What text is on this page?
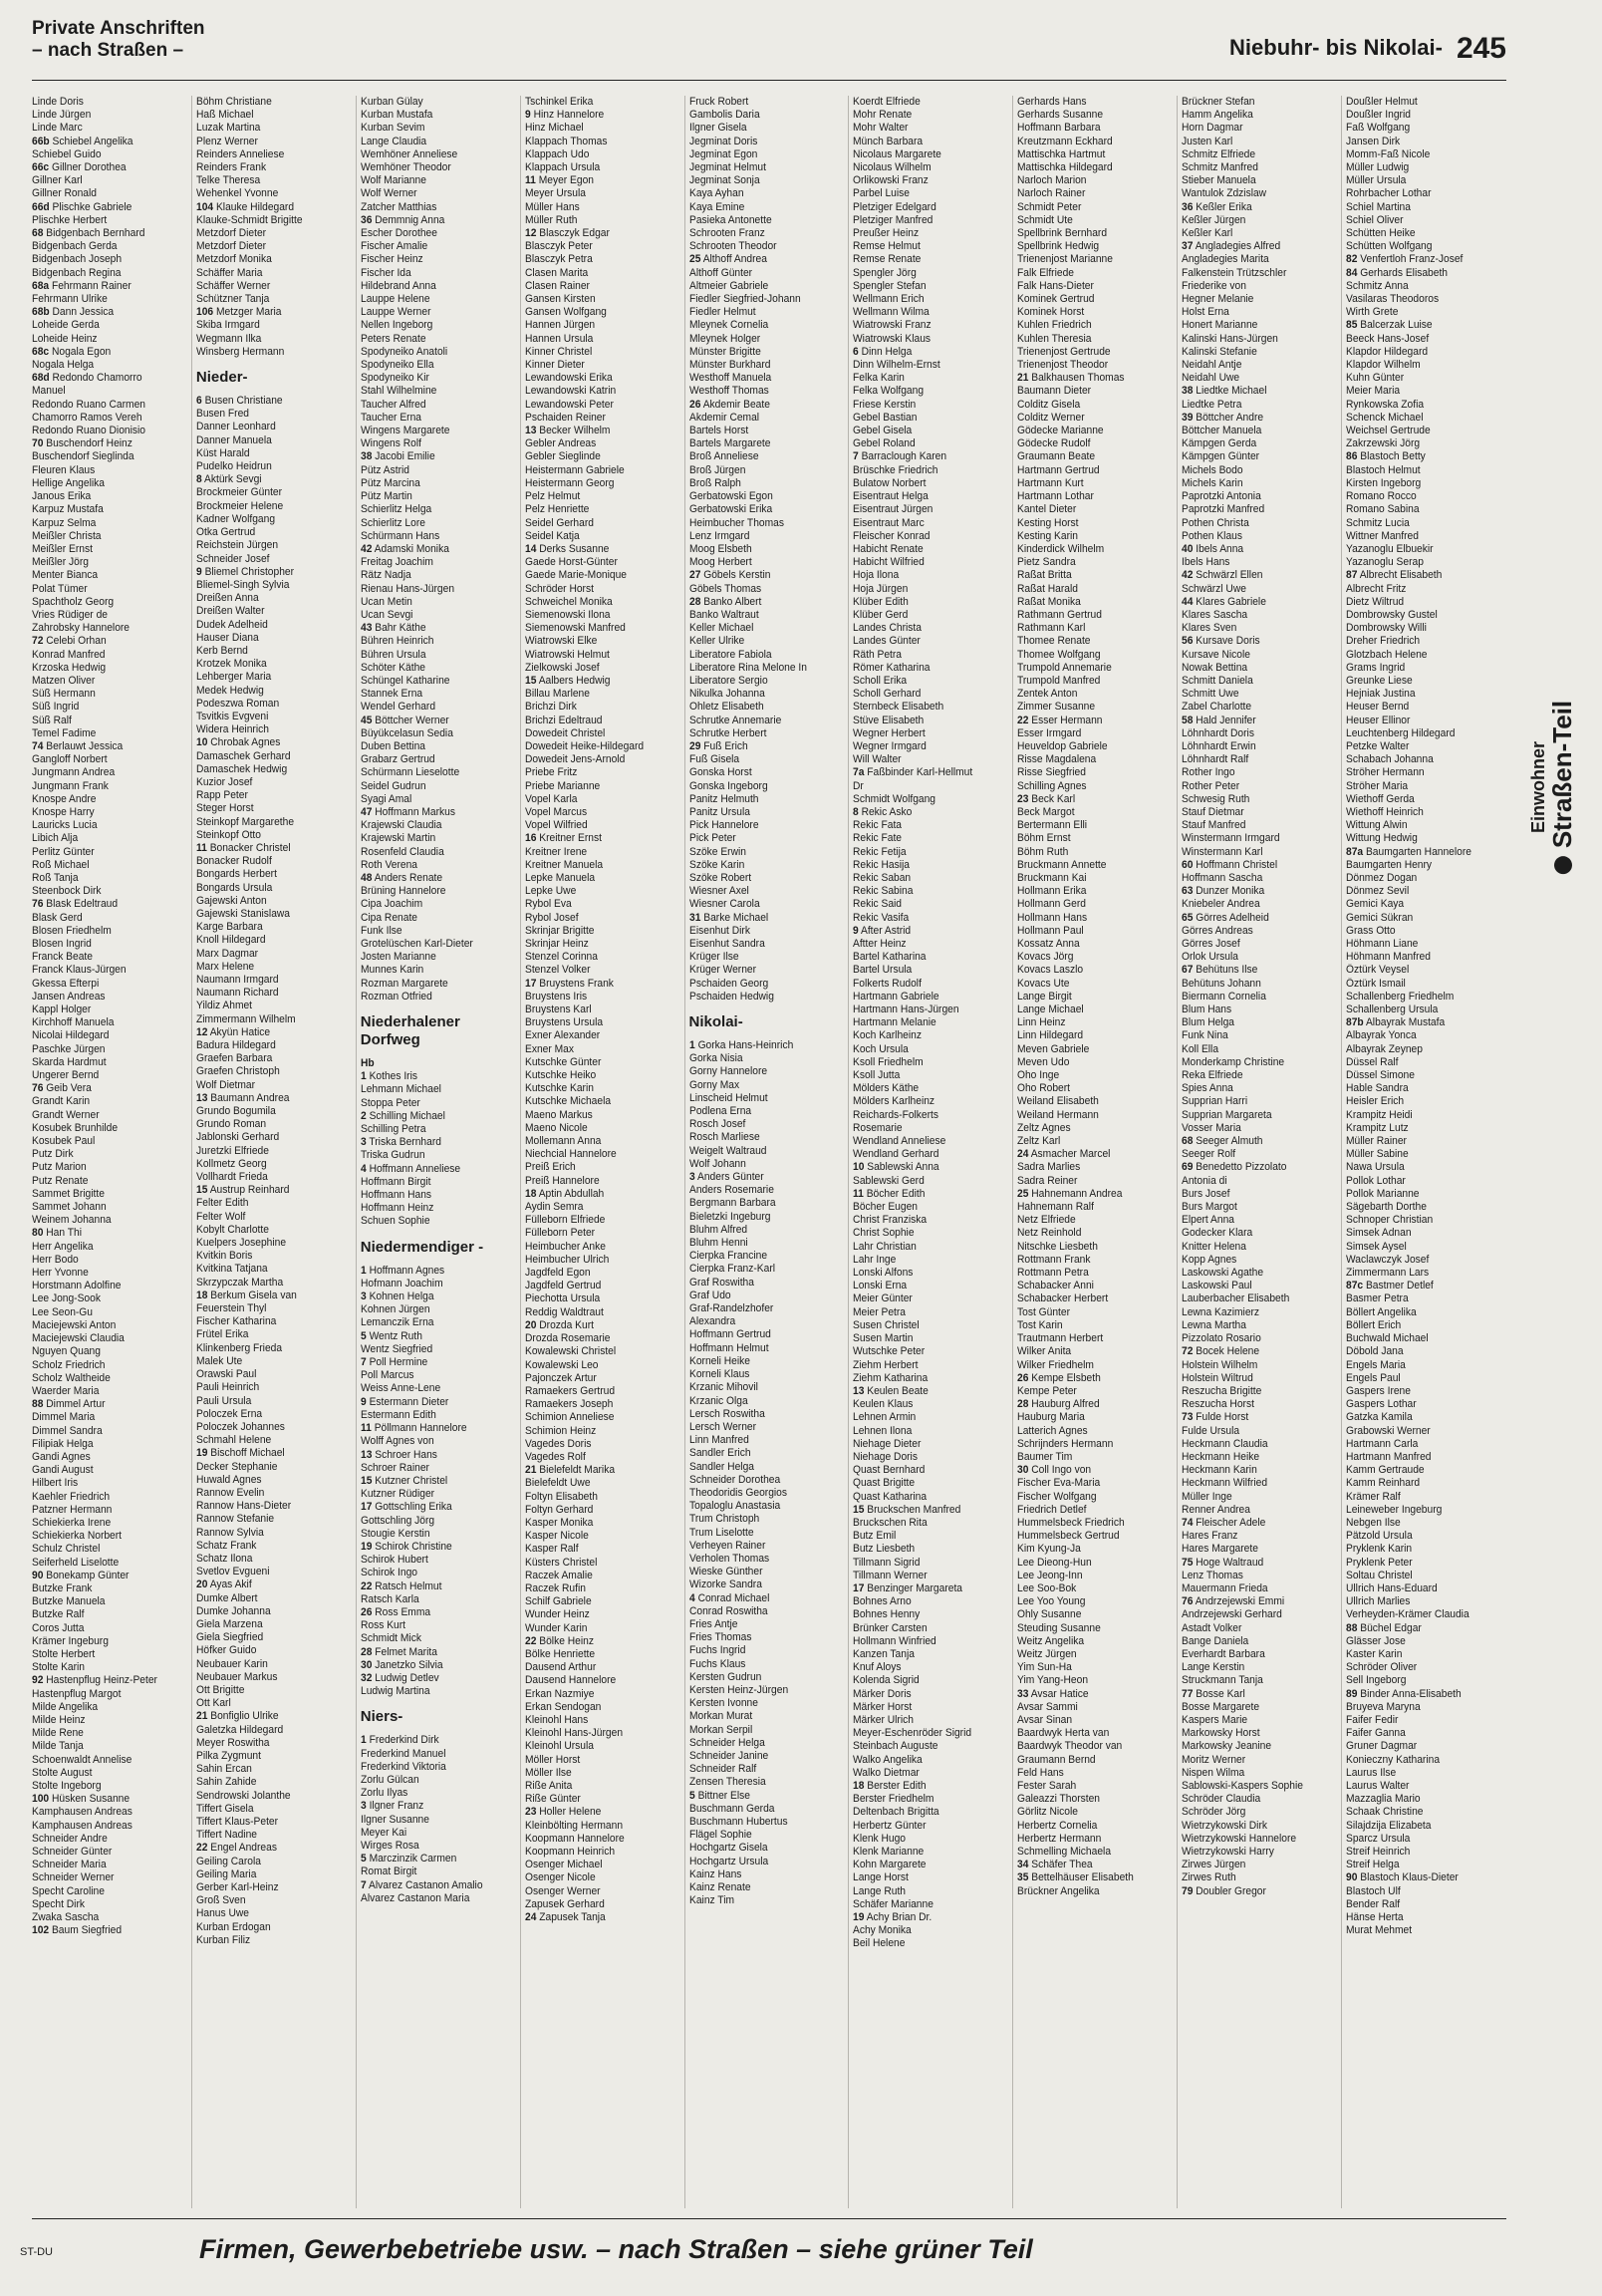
Private Anschriften
– nach Straßen –	Niebuhr- bis Nikolai- 245
Linde Doris
Linde Jürgen
Linde Marc
66b Schiebel Angelika
Schiebel Guido
66c Gillner Dorothea
Gillner Karl
Gillner Ronald
66d Plischke Gabriele
Plischke Herbert
68 Bidgenbach Bernhard
Bidgenbach Gerda
Bidgenbach Joseph
Bidgenbach Regina
68a Fehrmann Rainer
Fehrmann Ulrike
68b Dann Jessica
Loheide Gerda
Loheide Heinz
68c Nogala Egon
Nogala Helga
68d Redondo Chamorro
Manuel
Redondo Ruano Carmen
Chamorro Ramos Vereh
Redondo Ruano Dionisio
70 Buschendorf Heinz
Buschendorf Sieglinda
Fleuren Klaus
Hellige Angelika
Janous Erika
Karpuz Mustafa
Karpuz Selma
Meißler Christa
Meißler Ernst
Meißler Jörg
Menter Bianca
Polat Tümer
Spachtholz Georg
Vries Rüdiger de
Zahrobsky Hannelore
72 Celebi Orhan
Konrad Manfred
Krzoska Hedwig
Matzen Oliver
Süß Hermann
Süß Ingrid
Süß Ralf
Temel Fadime
74 Berlauwt Jessica
Gangloff Norbert
Jungmann Andrea
Jungmann Frank
Knospe Andre
Knospe Harry
Lauricks Lucia
Libich Alja
Perlitz Günter
Roß Michael
Roß Tanja
Steenbock Dirk
76 Blask Edeltraud
Blask Gerd
Blosen Friedhelm
Blosen Ingrid
Franck Beate
Franck Klaus-Jürgen
Gkessa Efterpi
Jansen Andreas
Kappl Holger
Kirchhoff Manuela
Nicolai Hildegard
Paschke Jürgen
Skarda Hardmut
Ungerer Bernd
76 Geib Vera
Grandt Karin
Grandt Werner
Kosubek Brunhilde
Kosubek Paul
Putz Dirk
Putz Marion
Putz Renate
Sammet Brigitte
Sammet Johann
Weinem Johanna
80 Han Thi
Herr Angelika
Herr Bodo
Herr Yvonne
Horstmann Adolfine
Lee Jong-Sook
Lee Seon-Gu
Maciejewski Anton
Maciejewski Claudia
Nguyen Quang
Scholz Friedrich
Scholz Waltheide
Waerder Maria
88 Dimmel Artur
Dimmel Maria
Dimmel Sandra
Filipiak Helga
Gandi Agnes
Gandi August
Hilbert Iris
Kaehler Friedrich
Patzner Hermann
Schiekierka Irene
Schiekierka Norbert
Schulz Christel
Seiferheld Liselotte
90 Bonekamp Günter
Butzke Frank
Butzke Manuela
Butzke Ralf
Coros Jutta
Krämer Ingeburg
Stolte Herbert
Stolte Karin
92 Hastenpflug Heinz-Peter
Hastenpflug Margot
Milde Angelika
Milde Heinz
Milde Rene
Milde Tanja
Schoenwaldt Annelise
Stolte August
Stolte Ingeborg
100 Hüsken Susanne
Kamphausen Andreas
Kamphausen Andreas
Schneider Andre
Schneider Günter
Schneider Maria
Schneider Werner
Specht Caroline
Specht Dirk
Zwaka Sascha
102 Baum Siegfried
Böhm Christiane
Haß Michael
Luzak Martina
Plenz Werner
Reinders Anneliese
Reinders Frank
Telke Theresa
Wehenkel Yvonne
104 Klauke Hildegard
Klauke-Schmidt Brigitte
Metzdorf Dieter
Metzdorf Dieter
Metzdorf Monika
Schäffer Maria
Schäffer Werner
Schützner Tanja
106 Metzger Maria
Skiba Irmgard
Wegmann Ilka
Winsberg Hermann
Nieder-
6 Busen Christiane
Busen Fred
Danner Leonhard
Danner Manuela
Küst Harald
Pudelko Heidrun
8 Aktürk Sevgi
Brockmeier Günter
Brockmeier Helene
Kadner Wolfgang
Otka Gertrud
Reichstein Jürgen
Schneider Josef
9 Bliemel Christopher
Bliemel-Singh Sylvia
Dreißen Anna
Dreißen Walter
Dudek Adelheid
Hauser Diana
Kerb Bernd
Krotzek Monika
Lehberger Maria
Medek Hedwig
Podeszwa Roman
Tsvitkis Evgveni
Widera Heinrich
10 Chrobak Agnes
Damaschek Gerhard
Damaschek Hedwig
Kuzior Josef
Rapp Peter
Steger Horst
Steinkopf Margarethe
Steinkopf Otto
11 Bonacker Christel
Bonacker Rudolf
Bongards Herbert
Bongards Ursula
Gajewski Anton
Gajewski Stanislawa
Karge Barbara
Knoll Hildegard
Marx Dagmar
Marx Helene
Naumann Irmgard
Naumann Richard
Yildiz Ahmet
Zimmermann Wilhelm
12 Akyün Hatice
Badura Hildegard
Graefen Barbara
Graefen Christoph
Wolf Dietmar
13 Baumann Andrea
Grundo Bogumila
Grundo Roman
Jablonski Gerhard
Juretzki Elfriede
Kollmetz Georg
Vollhardt Frieda
15 Austrup Reinhard
Felter Edith
Felter Wolf
Kobylt Charlotte
Kuelpers Josephine
Kvitkin Boris
Kvitkina Tatjana
Skrzypczak Martha
18 Berkum Gisela van
Feuerstein Thyl
Fischer Katharina
Frütel Erika
Klinkenberg Frieda
Malek Ute
Orawski Paul
Pauli Heinrich
Pauli Ursula
Poloczek Erna
Poloczek Johannes
Schmahl Helene
19 Bischoff Michael
Decker Stephanie
Huwald Agnes
Rannow Evelin
Rannow Hans-Dieter
Rannow Stefanie
Rannow Sylvia
Schatz Frank
Schatz Ilona
Svetlov Evgueni
20 Ayas Akif
Dumke Albert
Dumke Johanna
Giela Marzena
Giela Siegfried
Höfker Guido
Neubauer Karin
Neubauer Markus
Ott Brigitte
Ott Karl
21 Bonfiglio Ulrike
Galetzka Hildegard
Meyer Roswitha
Pilka Zygmunt
Sahin Ercan
Sahin Zahide
Sendrowski Jolanthe
Tiffert Gisela
Tiffert Klaus-Peter
Tiffert Nadine
22 Engel Andreas
Geiling Carola
Geiling Maria
Gerber Karl-Heinz
Groß Sven
Hanus Uwe
Kurban Erdogan
Kurban Filiz
Kurban Gülay
Kurban Mustafa
Kurban Sevim
Lange Claudia
Wemhöner Anneliese
Wemhöner Theodor
Wolf Marianne
Wolf Werner
Zatcher Matthias
36 Demmnig Anna
Escher Dorothee
Fischer Amalie
Fischer Heinz
Fischer Ida
Hildebrand Anna
Lauppe Helene
Lauppe Werner
Nellen Ingeborg
Peters Renate
Spodyneiko Anatoli
Spodyneiko Ella
Spodyneiko Kir
Stahl Wilhelmine
Taucher Alfred
Taucher Erna
Wingens Margarete
Wingens Rolf
38 Jacobi Emilie
Pütz Astrid
Pütz Marcina
Pütz Martin
Schierlitz Helga
Schierlitz Lore
Schürmann Hans
42 Adamski Monika
Freitag Joachim
Rätz Nadja
Rienau Hans-Jürgen
Ucan Metin
Ucan Sevgi
43 Bahr Käthe
Bühren Heinrich
Bühren Ursula
Schöter Käthe
Schüngel Katharine
Stannek Erna
Wendel Gerhard
45 Böttcher Werner
Büyükcelasun Sedia
Duben Bettina
Grabarz Gertrud
Schürmann Lieselotte
Seidel Gudrun
Syagi Amal
47 Hoffmann Markus
Krajewski Claudia
Krajewski Martin
Rosenfeld Claudia
Roth Verena
48 Anders Renate
Brüning Hannelore
Cipa Joachim
Cipa Renate
Funk Ilse
Grotelüschen Karl-Dieter
Josten Marianne
Munnes Karin
Rozman Margarete
Rozman Otfried
Niederhalener Dorfweg
Hb
1 Kothes Iris
Lehmann Michael
Stoppa Peter
2 Schilling Michael
Schilling Petra
3 Triska Bernhard
Triska Gudrun
4 Hoffmann Anneliese
Hoffmann Birgit
Hoffmann Hans
Hoffmann Heinz
Schuen Sophie
Niedermendiger -
1 Hoffmann Agnes
Hofmann Joachim
3 Kohnen Helga
Kohnen Jürgen
Lemanczik Erna
5 Wentz Ruth
Wentz Siegfried
7 Poll Hermine
Poll Marcus
Weiss Anne-Lene
9 Estermann Dieter
Estermann Edith
11 Pöllmann Hannelore
Wolff Agnes von
13 Schroer Hans
Schroer Rainer
15 Kutzner Christel
Kutzner Rüdiger
17 Gottschling Erika
Gottschling Jörg
Stougie Kerstin
19 Schirok Christine
Schirok Hubert
Schirok Ingo
22 Ratsch Helmut
Ratsch Karla
26 Ross Emma
Ross Kurt
Schmidt Mick
28 Felmet Marita
30 Janetzko Silvia
32 Ludwig Detlev
Ludwig Martina
Niers-
1 Frederkind Dirk
Frederkind Manuel
Frederkind Viktoria
Zorlu Gülcan
Zorlu Ilyas
3 Ilgner Franz
Ilgner Susanne
Meyer Kai
Wirges Rosa
5 Marczinzik Carmen
Romat Birgit
7 Alvarez Castanon Amalio
Alvarez Castanon Maria
Tschinkel Erika
9 Hinz Hannelore
Hinz Michael
Klappach Thomas
Klappach Udo
Klappach Ursula
11 Meyer Egon
Meyer Ursula
Müller Hans
Müller Ruth
12 Blasczyk Edgar
Blasczyk Peter
Blasczyk Petra
Clasen Marita
Clasen Rainer
Gansen Kirsten
Gansen Wolfgang
Hannen Jürgen
Hannen Ursula
Kinner Christel
Kinner Dieter
Lewandowski Erika
Lewandowski Katrin
Lewandowski Peter
Pschaiden Reiner
13 Becker Wilhelm
Gebler Andreas
Gebler Sieglinde
Heistermann Gabriele
Heistermann Georg
Pelz Helmut
Pelz Henriette
Seidel Gerhard
Seidel Katja
14 Derks Susanne
Gaede Horst-Günter
Gaede Marie-Monique
Schröder Horst
Schweichel Monika
Siemenowski Ilona
Siemenowski Manfred
Wiatrowski Elke
Wiatrowski Helmut
Zielkowski Josef
15 Aalbers Hedwig
Billau Marlene
Brichzi Dirk
Brichzi Edeltraud
Dowedeit Christel
Dowedeit Heike-Hildegard
Dowedeit Jens-Arnold
Priebe Fritz
Priebe Marianne
Vopel Karla
Vopel Marcus
Vopel Wilfried
16 Kreitner Ernst
Kreitner Irene
Kreitner Manuela
Lepke Manuela
Lepke Uwe
Rybol Eva
Rybol Josef
Skrinjar Brigitte
Skrinjar Heinz
Stenzel Corinna
Stenzel Volker
17 Bruystens Frank
Bruystens Iris
Bruystens Karl
Bruystens Ursula
Exner Alexander
Exner Max
Kutschke Günter
Kutschke Heiko
Kutschke Karin
Kutschke Michaela
Maeno Markus
Maeno Nicole
Mollemann Anna
Niechcial Hannelore
Preiß Erich
Preiß Hannelore
18 Aptin Abdullah
Aydin Semra
Fülleborn Elfriede
Fülleborn Peter
Heimbucher Anke
Heimbucher Ulrich
Jagdfeld Egon
Jagdfeld Gertrud
Piechotta Ursula
Reddig Waldtraut
20 Drozda Kurt
Drozda Rosemarie
Kowalewski Christel
Kowalewski Leo
Pajonczek Artur
Ramaekers Gertrud
Ramaekers Joseph
Schimion Anneliese
Schimion Heinz
Vagedes Doris
Vagedes Rolf
21 Bielefeldt Marika
Bielefeldt Uwe
Foltyn Elisabeth
Foltyn Gerhard
Kasper Monika
Kasper Nicole
Kasper Ralf
Küsters Christel
Raczek Amalie
Raczek Rufin
Schilf Gabriele
Wunder Heinz
Wunder Karin
22 Bölke Heinz
Bölke Henriette
Dausend Arthur
Dausend Hannelore
Erkan Nazmiye
Erkan Sendogan
Kleinohl Hans
Kleinohl Hans-Jürgen
Kleinohl Ursula
Möller Horst
Möller Ilse
Riße Anita
Riße Günter
23 Holler Helene
Kleinbölting Hermann
Koopmann Hannelore
Koopmann Heinrich
Osenger Michael
Osenger Nicole
Osenger Werner
Zapusek Gerhard
24 Zapusek Tanja
Fruck Robert
Gambolis Daria
Ilgner Gisela
Jegminat Doris
Jegminat Egon
Jegminat Helmut
Jegminat Sonja
Kaya Ayhan
Kaya Emine
Pasieka Antonette
Schrooten Franz
Schrooten Theodor
25 Althoff Andrea
Althoff Günter
Altmeier Gabriele
Fiedler Siegfried-Johann
Fiedler Helmut
Mleynek Cornelia
Mleynek Holger
Münster Brigitte
Münster Burkhard
Westhoff Manuela
Westhoff Thomas
26 Akdemir Beate
Akdemir Cemal
Bartels Horst
Bartels Margarete
Broß Anneliese
Broß Jürgen
Broß Ralph
Gerbatowski Egon
Gerbatowski Erika
Heimbucher Thomas
Lenz Irmgard
Moog Elsbeth
Moog Herbert
27 Göbels Kerstin
Göbels Thomas
28 Banko Albert
Banko Waltraut
Keller Michael
Keller Ulrike
Liberatore Fabiola
Liberatore Rina Melone In
Liberatore Sergio
Nikulka Johanna
Ohletz Elisabeth
Schrutke Annemarie
Schrutke Herbert
29 Fuß Erich
Fuß Gisela
Gonska Horst
Gonska Ingeborg
Panitz Helmuth
Panitz Ursula
Pick Hannelore
Pick Peter
Szöke Erwin
Szöke Karin
Szöke Robert
Wiesner Axel
Wiesner Carola
31 Barke Michael
Eisenhut Dirk
Eisenhut Sandra
Krüger Ilse
Krüger Werner
Pschaiden Georg
Pschaiden Hedwig
Nikolai-
1 Gorka Hans-Heinrich
Gorka Nisia
Gorny Hannelore
Gorny Max
Linscheid Helmut
Podlena Erna
Rosch Josef
Rosch Marliese
Weigelt Waltraud
Wolf Johann
3 Anders Günter
Anders Rosemarie
Bergmann Barbara
Bieletzki Ingeburg
Bluhm Alfred
Bluhm Henni
Cierpka Francine
Cierpka Franz-Karl
Graf Roswitha
Graf Udo
Graf-Randelzhofer
Alexandra
Hoffmann Gertrud
Hoffmann Helmut
Korneli Heike
Korneli Klaus
Krzanic Mihovil
Krzanic Olga
Lersch Roswitha
Lersch Werner
Linn Manfred
Sandler Erich
Sandler Helga
Schneider Dorothea
Theodoridis Georgios
Topaloglu Anastasia
Trum Christoph
Trum Liselotte
Verheyen Rainer
Verholen Thomas
Wieske Günther
Wizorke Sandra
4 Conrad Michael
Conrad Roswitha
Fries Antje
Fries Thomas
Fuchs Ingrid
Fuchs Klaus
Kersten Gudrun
Kersten Heinz-Jürgen
Kersten Ivonne
Morkan Murat
Morkan Serpil
Schneider Helga
Schneider Janine
Schneider Ralf
Zensen Theresia
5 Bittner Else
Buschmann Gerda
Buschmann Hubertus
Flägel Sophie
Hochgartz Gisela
Hochgartz Ursula
Kainz Hans
Kainz Renate
Kainz Tim
Koerdt Elfriede
Mohr Renate
Mohr Walter
Münch Barbara
Nicolaus Margarete
Nicolaus Wilhelm
Orlikowski Franz
Parbel Luise
Pletziger Edelgard
Pletziger Manfred
Preußer Heinz
Remse Helmut
Remse Renate
Spengler Jörg
Spengler Stefan
Wellmann Erich
Wellmann Wilma
Wiatrowski Franz
Wiatrowski Klaus
6 Dinn Helga
Dinn Wilhelm-Ernst
Felka Karin
Felka Wolfgang
Friese Kerstin
Gebel Bastian
Gebel Gisela
Gebel Roland
7 Barraclough Karen
Brüschke Friedrich
Bulatow Norbert
Eisentraut Helga
Eisentraut Jürgen
Eisentraut Marc
Fleischer Konrad
Habicht Renate
Habicht Wilfried
Hoja Ilona
Hoja Jürgen
Klüber Edith
Klüber Gerd
Landes Christa
Landes Günter
Räth Petra
Römer Katharina
Scholl Erika
Scholl Gerhard
Sternbeck Elisabeth
Stüve Elisabeth
Wegner Herbert
Wegner Irmgard
Will Walter
7a Faßbinder Karl-Hellmut
Dr
Schmidt Wolfgang
8 Rekic Asko
Rekic Fata
Rekic Fate
Rekic Fetija
Rekic Hasija
Rekic Saban
Rekic Sabina
Rekic Said
Rekic Vasifa
9 After Astrid
Aftter Heinz
Bartel Katharina
Bartel Ursula
Folkerts Rudolf
Hartmann Gabriele
Hartmann Hans-Jürgen
Hartmann Melanie
Koch Karlheinz
Koch Ursula
Ksoll Friedhelm
Ksoll Jutta
Mölders Käthe
Mölders Karlheinz
Reichards-Folkerts
Rosemarie
Wendland Anneliese
Wendland Gerhard
10 Sablewski Anna
Sablewski Gerd
11 Böcher Edith
Böcher Eugen
Christ Franziska
Christ Sophie
Lahr Christian
Lahr Inge
Lonski Alfons
Lonski Erna
Meier Günter
Meier Petra
Susen Christel
Susen Martin
Wutschke Peter
Ziehm Herbert
Ziehm Katharina
13 Keulen Beate
Keulen Klaus
Lehnen Armin
Lehnen Ilona
Niehage Dieter
Niehage Doris
Quast Bernhard
Quast Brigitte
Quast Katharina
15 Bruckschen Manfred
Bruckschen Rita
Butz Emil
Butz Liesbeth
Tillmann Sigrid
Tillmann Werner
17 Benzinger Margareta
Bohnes Arno
Bohnes Henny
Brünker Carsten
Hollmann Winfried
Kanzen Tanja
Knuf Aloys
Kolenda Sigrid
Märker Doris
Märker Horst
Märker Ulrich
Meyer-Eschenröder Sigrid
Steinbach Auguste
Walko Angelika
Walko Dietmar
18 Berster Edith
Berster Friedhelm
Deltenbach Brigitta
Herbertz Günter
Klenk Hugo
Klenk Marianne
Kohn Margarete
Lange Horst
Lange Ruth
Schäfer Marianne
19 Achy Brian Dr.
Achy Monika
Beil Helene
Gerhards Hans
Gerhards Susanne
Hoffmann Barbara
Kreutzmann Eckhard
Mattischka Hartmut
Mattischka Hildegard
Narloch Marion
Narloch Rainer
Schmidt Peter
Schmidt Ute
Spellbrink Bernhard
Spellbrink Hedwig
Trienenjost Marianne
Falk Elfriede
Falk Hans-Dieter
Kominek Gertrud
Kominek Horst
Kuhlen Friedrich
Kuhlen Theresia
Trienenjost Gertrude
Trienenjost Theodor
21 Balkhausen Thomas
Baumann Dieter
Colditz Gisela
Colditz Werner
Gödecke Marianne
Gödecke Rudolf
Graumann Beate
Hartmann Gertrud
Hartmann Kurt
Hartmann Lothar
Kantel Dieter
Kesting Horst
Kesting Karin
Kinderdick Wilhelm
Pietz Sandra
Raßat Britta
Raßat Harald
Raßat Monika
Rathmann Gertrud
Rathmann Karl
Thomee Renate
Thomee Wolfgang
Trumpold Annemarie
Trumpold Manfred
Zentek Anton
Zimmer Susanne
22 Esser Hermann
Esser Irmgard
Heuveldop Gabriele
Risse Magdalena
Risse Siegfried
Schilling Agnes
23 Beck Karl
Beck Margot
Bertermann Elli
Böhm Ernst
Böhm Ruth
Bruckmann Annette
Bruckmann Kai
Hollmann Erika
Hollmann Gerd
Hollmann Hans
Hollmann Paul
Kossatz Anna
Kovacs Jörg
Kovacs Laszlo
Kovacs Ute
Lange Birgit
Lange Michael
Linn Heinz
Linn Hildegard
Meven Gabriele
Meven Udo
Oho Inge
Oho Robert
Weiland Elisabeth
Weiland Hermann
Zeltz Agnes
Zeltz Karl
24 Asmacher Marcel
Sadra Marlies
Sadra Reiner
25 Hahnemann Andrea
Hahnemann Ralf
Netz Elfriede
Netz Reinhold
Nitschke Liesbeth
Rottmann Frank
Rottmann Petra
Schabacker Anni
Schabacker Herbert
Tost Günter
Tost Karin
Trautmann Herbert
Wilker Anita
Wilker Friedhelm
26 Kempe Elsbeth
Kempe Peter
28 Hauburg Alfred
Hauburg Maria
Latterich Agnes
Schrijnders Hermann
Baumer Tim
30 Coll Ingo von
Fischer Eva-Maria
Fischer Wolfgang
Friedrich Detlef
Hummelsbeck Friedrich
Hummelsbeck Gertrud
Kim Kyung-Ja
Lee Dieong-Hun
Lee Jeong-Inn
Lee Soo-Bok
Lee Yoo Young
Ohly Susanne
Steuding Susanne
Weitz Angelika
Weitz Jürgen
Yim Sun-Ha
Yim Yang-Heon
33 Avsar Hatice
Avsar Sammi
Avsar Sinan
Baardwyk Herta van
Baardwyk Theodor van
Graumann Bernd
Feld Hans
Fester Sarah
Galeazzi Thorsten
Görlitz Nicole
Herbertz Cornelia
Herbertz Hermann
Schmelling Michaela
34 Schäfer Thea
35 Bettelhäuser Elisabeth
Brückner Angelika
Brückner Stefan
Hamm Angelika
Horn Dagmar
Justen Karl
Schmitz Elfriede
Schmitz Manfred
Stieber Manuela
Wantulok Zdzislaw
36 Keßler Erika
Keßler Jürgen
Keßler Karl
37 Angladegies Alfred
Angladegies Marita
Falkenstein Trützschler
Friederike von
Hegner Melanie
Holst Erna
Honert Marianne
Kalinski Hans-Jürgen
Kalinski Stefanie
Neidahl Antje
Neidahl Uwe
38 Liedtke Michael
Liedtke Petra
39 Böttcher Andre
Böttcher Manuela
Kämpgen Gerda
Kämpgen Günter
Michels Bodo
Michels Karin
Paprotzki Antonia
Paprotzki Manfred
Pothen Christa
Pothen Klaus
40 Ibels Anna
Ibels Hans
42 Schwärzl Ellen
Schwärzl Uwe
44 Klares Gabriele
Klares Sascha
Klares Sven
56 Kursave Doris
Kursave Nicole
Nowak Bettina
Schmitt Daniela
Schmitt Uwe
Zabel Charlotte
58 Hald Jennifer
Löhnhardt Doris
Löhnhardt Erwin
Löhnhardt Ralf
Rother Ingo
Rother Peter
Schwesig Ruth
Stauf Dietmar
Stauf Manfred
Winstermann Irmgard
Winstermann Karl
60 Hoffmann Christel
Hoffmann Sascha
63 Dunzer Monika
Kniebeler Andrea
65 Görres Adelheid
Görres Andreas
Görres Josef
Orlok Ursula
67 Behütuns Ilse
Behütuns Johann
Biermann Cornelia
Blum Hans
Blum Helga
Funk Nina
Koll Ella
Monderkamp Christine
Reka Elfriede
Spies Anna
Supprian Harri
Supprian Margareta
Vosser Maria
68 Seeger Almuth
Seeger Rolf
69 Benedetto Pizzolato
Antonia di
Burs Josef
Burs Margot
Elpert Anna
Godecker Klara
Knitter Helena
Kopp Agnes
Laskowski Agathe
Laskowski Paul
Lauberbacher Elisabeth
Lewna Kazimierz
Lewna Martha
Pizzolato Rosario
72 Bocek Helene
Holstein Wilhelm
Holstein Wiltrud
Reszucha Brigitte
Reszucha Horst
73 Fulde Horst
Fulde Ursula
Heckmann Claudia
Heckmann Heike
Heckmann Karin
Heckmann Wilfried
Müller Inge
Renner Andrea
74 Fleischer Adele
Hares Franz
Hares Margarete
75 Hoge Waltraud
Lenz Thomas
Mauermann Frieda
76 Andrzejewski Emmi
Andrzejewski Gerhard
Astadt Volker
Bange Daniela
Everhardt Barbara
Lange Kerstin
Struckmann Tanja
77 Bosse Karl
Bosse Margarete
Kaspers Marie
Markowsky Horst
Markowsky Jeanine
Moritz Werner
Nispen Wilma
Sablowski-Kaspers Sophie
Schröder Claudia
Schröder Jörg
Wietrzykowski Dirk
Wietrzykowski Hannelore
Wietrzykowski Harry
Zirwes Jürgen
Zirwes Ruth
79 Doubler Gregor
Doußler Helmut
Doußler Ingrid
Faß Wolfgang
Jansen Dirk
Momm-Faß Nicole
Müller Ludwig
Müller Ursula
Rohrbacher Lothar
Schiel Martina
Schiel Oliver
Schütten Heike
Schütten Wolfgang
82 Venfertloh Franz-Josef
84 Gerhards Elisabeth
Schmitz Anna
Vasilaras Theodoros
Wirth Grete
85 Balcerzak Luise
Beeck Hans-Josef
Klapdor Hildegard
Klapdor Wilhelm
Kuhn Günter
Meier Maria
Rynkowska Zofia
Schenck Michael
Weichsel Gertrude
Zakrzewski Jörg
86 Blastoch Betty
Blastoch Helmut
Kirsten Ingeborg
Romano Rocco
Romano Sabina
Schmitz Lucia
Wittner Manfred
Yazanoglu Elbuekir
Yazanoglu Serap
87 Albrecht Elisabeth
Albrecht Fritz
Dietz Wiltrud
Dombrowsky Gustel
Dombrowsky Willi
Dreher Friedrich
Glotzbach Helene
Grams Ingrid
Greunke Liese
Hejniak Justina
Heuser Bernd
Heuser Ellinor
Leuchtenberg Hildegard
Petzke Walter
Schabach Johanna
Ströher Hermann
Ströher Maria
Wiethoff Gerda
Wiethoff Heinrich
Wittung Alwin
Wittung Hedwig
87a Baumgarten Hannelore
Baumgarten Henry
Dönmez Dogan
Dönmez Sevil
Gemici Kaya
Gemici Sükran
Grass Otto
Höhmann Liane
Höhmann Manfred
Öztürk Veysel
Öztürk Ismail
Schallenberg Friedhelm
Schallenberg Ursula
87b Albayrak Mustafa
Albayrak Yonca
Albayrak Zeynep
Düssel Ralf
Düssel Simone
Hable Sandra
Heisler Erich
Krampitz Heidi
Krampitz Lutz
Müller Rainer
Müller Sabine
Nawa Ursula
Pollok Lothar
Pollok Marianne
Sägebarth Dorthe
Schnoper Christian
Simsek Adnan
Simsek Aysel
Waclawczyk Josef
Zimmermann Lars
87c Bastmer Detlef
Basmer Petra
Böllert Angelika
Böllert Erich
Buchwald Michael
Döbold Jana
Engels Maria
Engels Paul
Gaspers Irene
Gaspers Lothar
Gatzka Kamila
Grabowski Werner
Hartmann Carla
Hartmann Manfred
Kamm Gertraude
Kamm Reinhard
Krämer Ralf
Leineweber Ingeburg
Nebgen Ilse
Pätzold Ursula
Pryklenk Karin
Pryklenk Peter
Soltau Christel
Ullrich Hans-Eduard
Ullrich Marlies
Verheyden-Krämer Claudia
88 Büchel Edgar
Glässer Jose
Kaster Karin
Schröder Oliver
Sell Ingeborg
89 Binder Anna-Elisabeth
Bruyeva Maryna
Faifer Fedir
Faifer Ganna
Gruner Dagmar
Konieczny Katharina
Laurus Ilse
Laurus Walter
Mazzaglia Mario
Schaak Christine
Silajdzija Elizabeta
Sparcz Ursula
Streif Heinrich
Streif Helga
90 Blastoch Klaus-Dieter
Blastoch Ulf
Bender Ralf
Hänse Herta
Murat Mehmet
Einwohner Straßen-Teil
ST-DU	Firmen, Gewerbebetriebe usw. – nach Straßen – siehe grüner Teil
